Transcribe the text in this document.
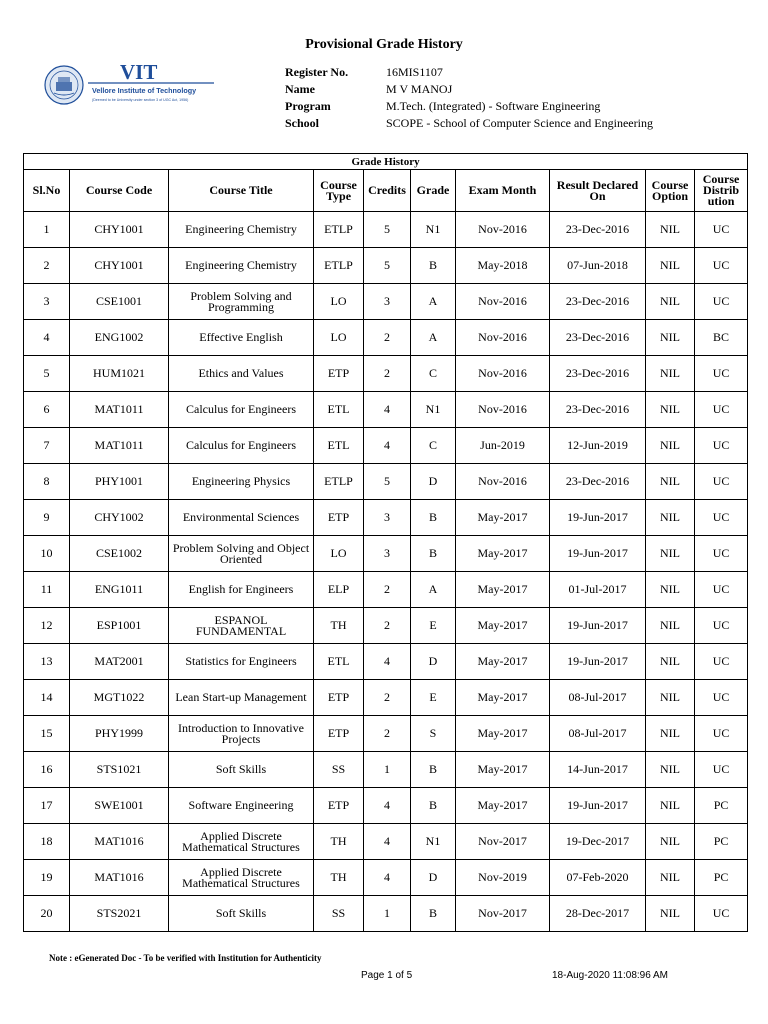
Provisional Grade History
VIT
Vellore Institute of Technology
(Deemed to be University under section 3 of UGC Act, 1956)
Register No.	16MIS1107
Name	M V MANOJ
Program	M.Tech. (Integrated) - Software Engineering
School	SCOPE - School of Computer Science and Engineering
Grade History									
Sl.No	Course Code	Course Title	Course Type	Credits	Grade	Exam Month	Result Declared On	Course Option	Course Distrib ution
1	CHY1001	Engineering Chemistry	ETLP	5	N1	Nov-2016	23-Dec-2016	NIL	UC
2	CHY1001	Engineering Chemistry	ETLP	5	B	May-2018	07-Jun-2018	NIL	UC
3	CSE1001	Problem Solving and Programming	LO	3	A	Nov-2016	23-Dec-2016	NIL	UC
4	ENG1002	Effective English	LO	2	A	Nov-2016	23-Dec-2016	NIL	BC
5	HUM1021	Ethics and Values	ETP	2	C	Nov-2016	23-Dec-2016	NIL	UC
6	MAT1011	Calculus for Engineers	ETL	4	N1	Nov-2016	23-Dec-2016	NIL	UC
7	MAT1011	Calculus for Engineers	ETL	4	C	Jun-2019	12-Jun-2019	NIL	UC
8	PHY1001	Engineering Physics	ETLP	5	D	Nov-2016	23-Dec-2016	NIL	UC
9	CHY1002	Environmental Sciences	ETP	3	B	May-2017	19-Jun-2017	NIL	UC
10	CSE1002	Problem Solving and Object Oriented	LO	3	B	May-2017	19-Jun-2017	NIL	UC
11	ENG1011	English for Engineers	ELP	2	A	May-2017	01-Jul-2017	NIL	UC
12	ESP1001	ESPANOL FUNDAMENTAL	TH	2	E	May-2017	19-Jun-2017	NIL	UC
13	MAT2001	Statistics for Engineers	ETL	4	D	May-2017	19-Jun-2017	NIL	UC
14	MGT1022	Lean Start-up Management	ETP	2	E	May-2017	08-Jul-2017	NIL	UC
15	PHY1999	Introduction to Innovative Projects	ETP	2	S	May-2017	08-Jul-2017	NIL	UC
16	STS1021	Soft Skills	SS	1	B	May-2017	14-Jun-2017	NIL	UC
17	SWE1001	Software Engineering	ETP	4	B	May-2017	19-Jun-2017	NIL	PC
18	MAT1016	Applied Discrete Mathematical Structures	TH	4	N1	Nov-2017	19-Dec-2017	NIL	PC
19	MAT1016	Applied Discrete Mathematical Structures	TH	4	D	Nov-2019	07-Feb-2020	NIL	PC
20	STS2021	Soft Skills	SS	1	B	Nov-2017	28-Dec-2017	NIL	UC
Note : eGenerated Doc - To be verified with Institution for Authenticity
Page 1 of 5	18-Aug-2020 11:08:96 AM
